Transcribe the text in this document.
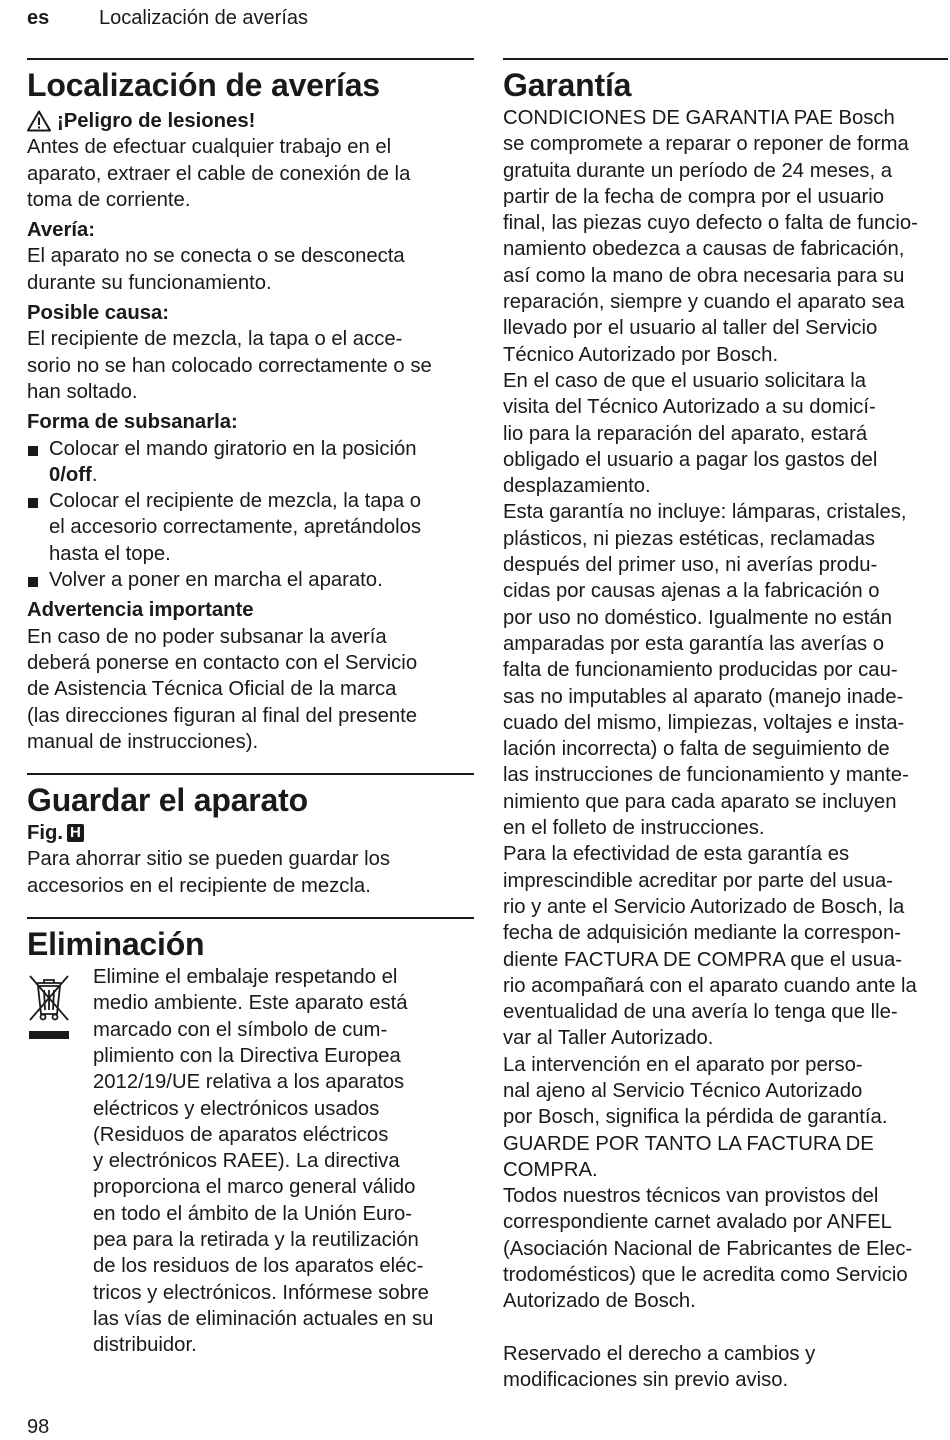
es Localización de averías
Localización de averías
¡Peligro de lesiones!
Antes de efectuar cualquier trabajo en el
aparato, extraer el cable de conexión de la
toma de corriente.
Avería:
El aparato no se conecta o se desconecta
durante su funcionamiento.
Posible causa:
El recipiente de mezcla, la tapa o el acce-
sorio no se han colocado correctamente o se
han soltado.
Forma de subsanarla:
Colocar el mando giratorio en la posición
0/off.
Colocar el recipiente de mezcla, la tapa o
el accesorio correctamente, apretándolos
hasta el tope.
Volver a poner en marcha el aparato.
Advertencia importante
En caso de no poder subsanar la avería
deberá ponerse en contacto con el Servicio
de Asistencia Técnica Oficial de la marca
(las direcciones figuran al final del presente
manual de instrucciones).
Guardar el aparato
Fig. H
Para ahorrar sitio se pueden guardar los
accesorios en el recipiente de mezcla.
Eliminación
Elimine el embalaje respetando el
medio ambiente. Este aparato está
marcado con el símbolo de cum-
plimiento con la Directiva Europea
2012/19/UE relativa a los aparatos
eléctricos y electrónicos usados
(Residuos de aparatos eléctricos
y electrónicos RAEE). La directiva
proporciona el marco general válido
en todo el ámbito de la Unión Euro-
pea para la retirada y la reutilización
de los residuos de los aparatos eléc-
tricos y electrónicos. Infórmese sobre
las vías de eliminación actuales en su
distribuidor.
Garantía
CONDICIONES DE GARANTIA PAE Bosch
se compromete a reparar o reponer de forma
gratuita durante un período de 24 meses, a
partir de la fecha de compra por el usuario
final, las piezas cuyo defecto o falta de funcio-
namiento obedezca a causas de fabricación,
así como la mano de obra necesaria para su
reparación, siempre y cuando el aparato sea
llevado por el usuario al taller del Servicio
Técnico Autorizado por Bosch.
En el caso de que el usuario solicitara la
visita del Técnico Autorizado a su domicí-
lio para la reparación del aparato, estará
obligado el usuario a pagar los gastos del
desplazamiento.
Esta garantía no incluye: lámparas, cristales,
plásticos, ni piezas estéticas, reclamadas
después del primer uso, ni averías produ-
cidas por causas ajenas a la fabricación o
por uso no doméstico. Igualmente no están
amparadas por esta garantía las averías o
falta de funcionamiento producidas por cau-
sas no imputables al aparato (manejo inade-
cuado del mismo, limpiezas, voltajes e insta-
lación incorrecta) o falta de seguimiento de
las instrucciones de funcionamiento y mante-
nimiento que para cada aparato se incluyen
en el folleto de instrucciones.
Para la efectividad de esta garantía es
imprescindible acreditar por parte del usua-
rio y ante el Servicio Autorizado de Bosch, la
fecha de adquisición mediante la correspon-
diente FACTURA DE COMPRA que el usua-
rio acompañará con el aparato cuando ante la
eventualidad de una avería lo tenga que lle-
var al Taller Autorizado.
La intervención en el aparato por perso-
nal ajeno al Servicio Técnico Autorizado
por Bosch, significa la pérdida de garantía.
GUARDE POR TANTO LA FACTURA DE
COMPRA.
Todos nuestros técnicos van provistos del
correspondiente carnet avalado por ANFEL
(Asociación Nacional de Fabricantes de Elec-
trodomésticos) que le acredita como Servicio
Autorizado de Bosch.
Reservado el derecho a cambios y
modificaciones sin previo aviso.
98
